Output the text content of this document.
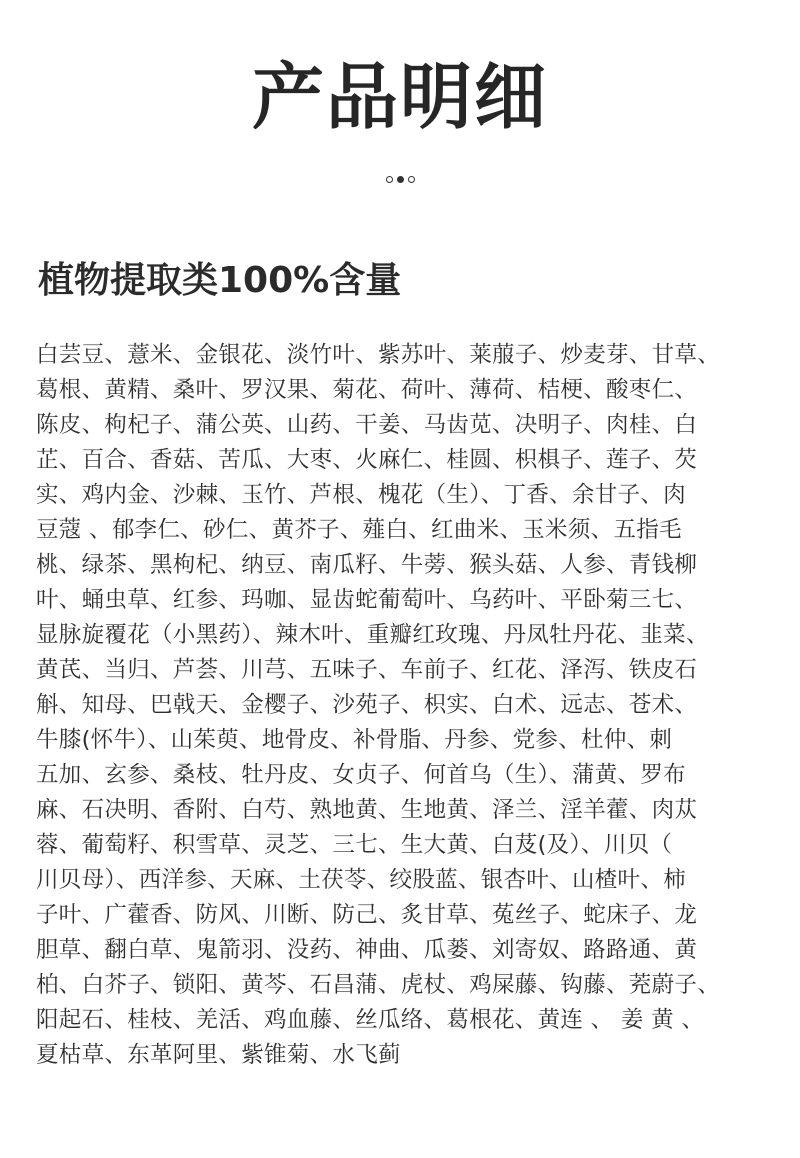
产品明细
植物提取类100%含量
白芸豆、薏米、金银花、淡竹叶、紫苏叶、莱菔子、炒麦芽、甘草、
葛根、黄精、桑叶、罗汉果、菊花、荷叶、薄荷、桔梗、酸枣仁、
陈皮、枸杞子、蒲公英、山药、干姜、马齿苋、决明子、肉桂、白
芷、百合、香菇、苦瓜、大枣、火麻仁、桂圆、枳椇子、莲子、芡
实、鸡内金、沙棘、玉竹、芦根、槐花（生）、丁香、余甘子、肉
豆蔻 、郁李仁、砂仁、黄芥子、薤白、红曲米、玉米须、五指毛
桃、绿茶、黑枸杞、纳豆、南瓜籽、牛蒡、猴头菇、人参、青钱柳
叶、蛹虫草、红参、玛咖、显齿蛇葡萄叶、乌药叶、平卧菊三七、
显脉旋覆花（小黑药）、辣木叶、重瓣红玫瑰、丹凤牡丹花、韭菜、
黄芪、当归、芦荟、川芎、五味子、车前子、红花、泽泻、铁皮石
斛、知母、巴戟天、金樱子、沙苑子、枳实、白术、远志、苍术、
牛膝(怀牛）、山茱萸、地骨皮、补骨脂、丹参、党参、杜仲、刺
五加、玄参、桑枝、牡丹皮、女贞子、何首乌（生）、蒲黄、罗布
麻、石决明、香附、白芍、熟地黄、生地黄、泽兰、淫羊藿、肉苁
蓉、葡萄籽、积雪草、灵芝、三七、生大黄、白芨(及）、川贝（
川贝母）、西洋参、天麻、土茯苓、绞股蓝、银杏叶、山楂叶、柿
子叶、广藿香、防风、川断、防己、炙甘草、菟丝子、蛇床子、龙
胆草、翻白草、鬼箭羽、没药、神曲、瓜蒌、刘寄奴、路路通、黄
柏、白芥子、锁阳、黄芩、石昌蒲、虎杖、鸡屎藤、钩藤、茺蔚子、
阳起石、桂枝、羌活、鸡血藤、丝瓜络、葛根花、黄连 、 姜 黄 、
夏枯草、东革阿里、紫锥菊、水飞蓟
